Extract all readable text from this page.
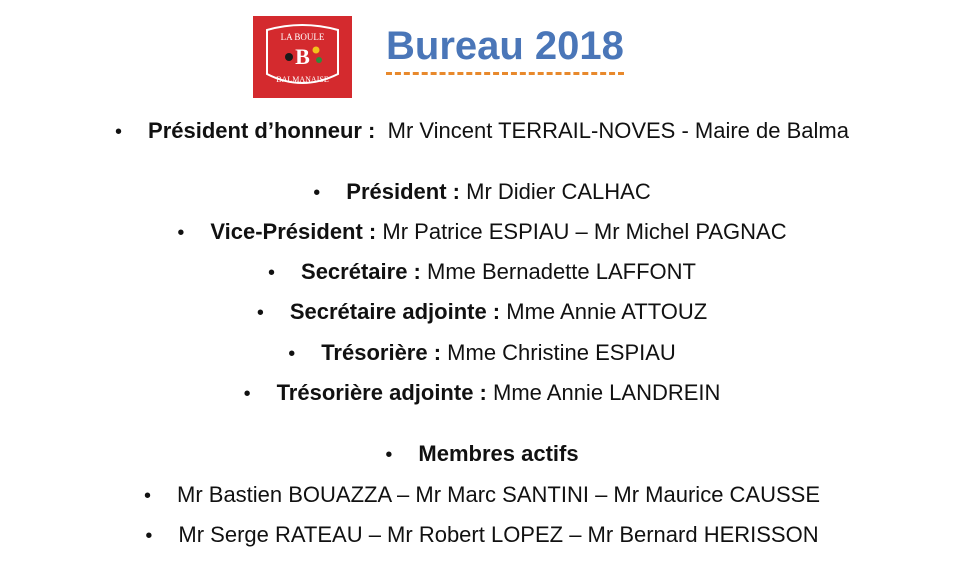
LA BOULE
B
BALMANAISE
Bureau 2018
• Président d’honneur : Mr Vincent TERRAIL-NOVES - Maire de Balma
• Président : Mr Didier CALHAC
• Vice-Président : Mr Patrice ESPIAU – Mr Michel PAGNAC
• Secrétaire : Mme Bernadette LAFFONT
• Secrétaire adjointe : Mme Annie ATTOUZ
• Trésorière : Mme Christine ESPIAU
• Trésorière adjointe : Mme Annie LANDREIN
• Membres actifs
• Mr Bastien BOUAZZA – Mr Marc SANTINI – Mr Maurice CAUSSE
• Mr Serge RATEAU – Mr Robert LOPEZ – Mr Bernard HERISSON
